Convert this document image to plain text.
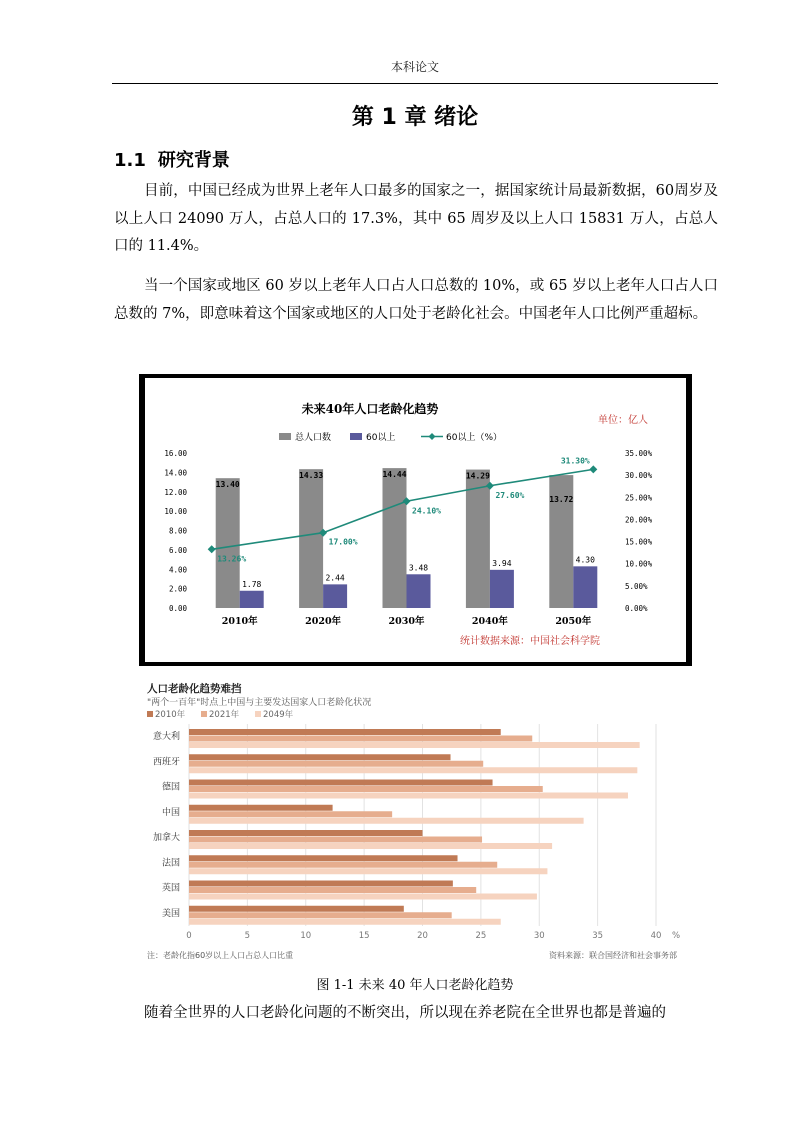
本科论文
第 1 章 绪论
1.1 研究背景
目前，中国已经成为世界上老年人口最多的国家之一，据国家统计局最新数据，60周岁及以上人口 24090 万人，占总人口的 17.3%，其中 65 周岁及以上人口 15831 万人，占总人口的 11.4%。
当一个国家或地区 60 岁以上老年人口占人口总数的 10%，或 65 岁以上老年人口占人口总数的 7%，即意味着这个国家或地区的人口处于老龄化社会。中国老年人口比例严重超标。
未来40年人口老龄化趋势
单位：亿人
总人口数	60以上	60以上（%）
0.00
2.00
4.00
6.00
8.00
10.00
12.00
14.00
16.00
0.00%
5.00%
10.00%
15.00%
20.00%
25.00%
30.00%
35.00%
13.40
1.78
14.33
2.44
14.44
3.48
14.29
3.94
13.72
4.30
13.26%
17.00%
24.10%
27.60%
31.30%
2010年	2020年	2030年	2040年	2050年
统计数据来源：中国社会科学院
人口老龄化趋势难挡
"两个一百年"时点上中国与主要发达国家人口老龄化状况
2010年	2021年	2049年
意大利
西班牙
德国
中国
加拿大
法国
英国
美国
0	5	10	15	20	25	30	35	40 %
注：老龄化指60岁以上人口占总人口比重	资料来源：联合国经济和社会事务部
图 1-1 未来 40 年人口老龄化趋势
随着全世界的人口老龄化问题的不断突出，所以现在养老院在全世界也都是普遍的
